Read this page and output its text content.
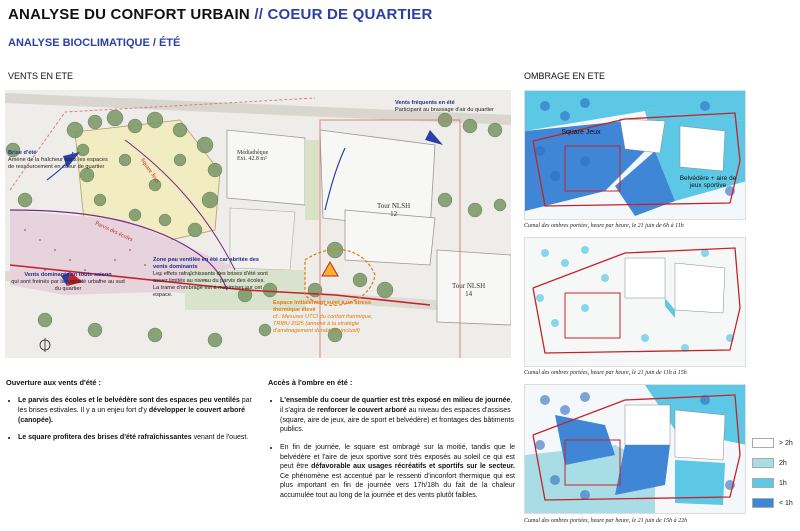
ANALYSE DU CONFORT URBAIN // COEUR DE QUARTIER
ANALYSE BIOCLIMATIQUE / ÉTÉ
VENTS EN ETE	OMBRAGE EN ETE
Médiathèque
Ext. 42.8 m²
Tour NLSH
12
Tour NLSH
14
Square Jeux
Parvis des écoles
Brise d'été
Amène de la fraîcheur dans les espaces de ressourcement en coeur de quartier
Vents fréquents en été
Participant au brassage d'air du quartier
Vents dominants en toute saison
qui sont freinés par la rugosité urbaine au sud du quartier
Zone peu ventilée en été car abritée des vents dominants
Les effets rafraîchissants des brises d'été sont assez limités au niveau du parvis des écoles. La trame d'ombrage est à maximiser sur cet espace.
Espace initialement sujet à un stress thermique élevé
cf.: Mesures UTCI du confort thermique, TRIBU 2025 (annexé à la stratégie d'aménagement durable et inclusif)
Square Jeux
Belvédère + aire de jeux sportive
Cumul des ombres portées, heure par heure, le 21 juin de 6h à 11h
Cumul des ombres portées, heure par heure, le 21 juin de 11h à 15h
Cumul des ombres portées, heure par heure, le 21 juin de 15h à 22h
> 2h
2h
1h
< 1h
Ouverture aux vents d'été :
• Le parvis des écoles et le belvédère sont des espaces peu ventilés par les brises estivales. Il y a un enjeu fort d'y développer le couvert arboré (canopée).
• Le square profitera des brises d'été rafraîchissantes venant de l'ouest.
Accès à l'ombre en été :
• L'ensemble du coeur de quartier est très exposé en milieu de journée, il s'agira de renforcer le couvert arboré au niveau des espaces d'assises (square, aire de jeux, aire de sport et belvédère) et frontages des bâtiments publics.
• En fin de journée, le square est ombragé sur la moitié, tandis que le belvédère et l'aire de jeux sportive sont très exposés au soleil ce qui est peut être défavorable aux usages récréatifs et sportifs sur le secteur. Ce phénomène est accentué par le ressenti d'inconfort thermique qui est plus important en fin de journée vers 17h/18h du fait de la chaleur accumulée tout au long de la journée et des vents plutôt faibles.
